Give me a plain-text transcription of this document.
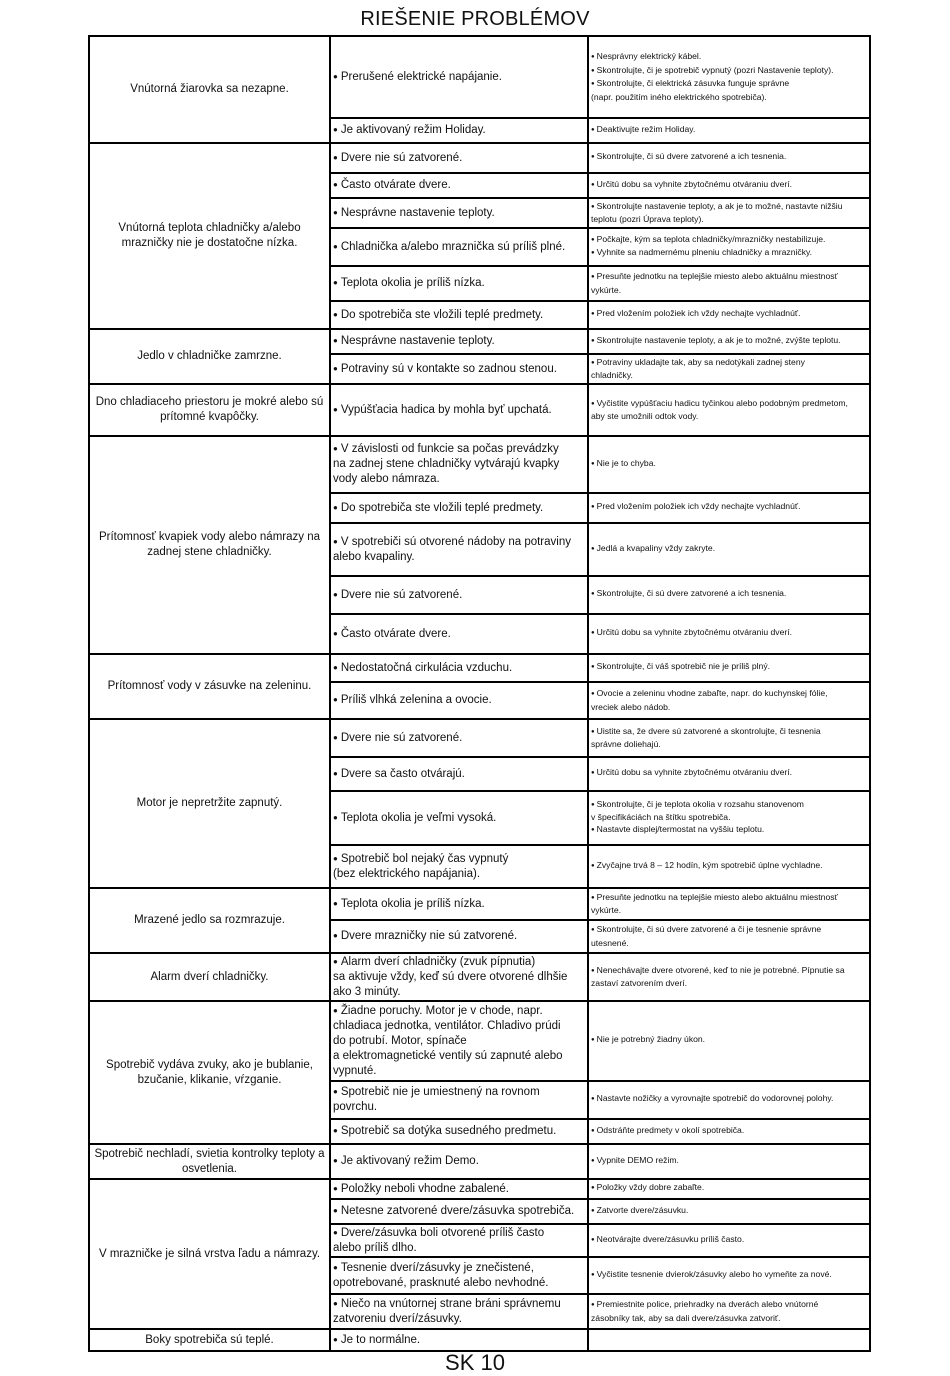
RIEŠENIE PROBLÉMOV
Vnútorná žiarovka sa nezapne.	● Prerušené elektrické napájanie.	● Nesprávny elektrický kábel.
● Skontrolujte, či je spotrebič vypnutý (pozri Nastavenie teploty).
● Skontrolujte, či elektrická zásuvka funguje správne
(napr. použitím iného elektrického spotrebiča).

	● Je aktivovaný režim Holiday.	● Deaktivujte režim Holiday.

Vnútorná teplota chladničky a/alebo mrazničky nie je dostatočne nízka.	● Dvere nie sú zatvorené.	● Skontrolujte, či sú dvere zatvorené a ich tesnenia.

	● Často otvárate dvere.	● Určitú dobu sa vyhnite zbytočnému otváraniu dverí.

	● Nesprávne nastavenie teploty.	● Skontrolujte nastavenie teploty, a ak je to možné, nastavte nižšiu
teplotu (pozri Úprava teploty).

	● Chladnička a/alebo mraznička sú príliš plné.	● Počkajte, kým sa teplota chladničky/mrazničky nestabilizuje.
● Vyhnite sa nadmernému plneniu chladničky a mrazničky.

	● Teplota okolia je príliš nízka.	● Presuňte jednotku na teplejšie miesto alebo aktuálnu miestnosť
vykúrte.

	● Do spotrebiča ste vložili teplé predmety.	● Pred vložením položiek ich vždy nechajte vychladnúť.

Jedlo v chladničke zamrzne.	● Nesprávne nastavenie teploty.	● Skontrolujte nastavenie teploty, a ak je to možné, zvýšte teplotu.

	● Potraviny sú v kontakte so zadnou stenou.	● Potraviny ukladajte tak, aby sa nedotýkali zadnej steny
chladničky.

Dno chladiaceho priestoru je mokré alebo sú prítomné kvapôčky.	● Vypúšťacia hadica by mohla byť upchatá.	● Vyčistite vypúšťaciu hadicu tyčinkou alebo podobným predmetom,
aby ste umožnili odtok vody.

Prítomnosť kvapiek vody alebo námrazy na zadnej stene chladničky.	● V závislosti od funkcie sa počas prevádzky
na zadnej stene chladničky vytvárajú kvapky
vody alebo námraza.	● Nie je to chyba.

	● Do spotrebiča ste vložili teplé predmety.	● Pred vložením položiek ich vždy nechajte vychladnúť.

	● V spotrebiči sú otvorené nádoby na potraviny
alebo kvapaliny.	● Jedlá a kvapaliny vždy zakryte.

	● Dvere nie sú zatvorené.	● Skontrolujte, či sú dvere zatvorené a ich tesnenia.

	● Často otvárate dvere.	● Určitú dobu sa vyhnite zbytočnému otváraniu dverí.

Prítomnosť vody v zásuvke na zeleninu.	● Nedostatočná cirkulácia vzduchu.	● Skontrolujte, či váš spotrebič nie je príliš plný.

	● Príliš vlhká zelenina a ovocie.	● Ovocie a zeleninu vhodne zabaľte, napr. do kuchynskej fólie,
vreciek alebo nádob.

Motor je nepretržite zapnutý.	● Dvere nie sú zatvorené.	● Uistite sa, že dvere sú zatvorené a skontrolujte, či tesnenia
správne doliehajú.

	● Dvere sa často otvárajú.	● Určitú dobu sa vyhnite zbytočnému otváraniu dverí.

	● Teplota okolia je veľmi vysoká.	● Skontrolujte, či je teplota okolia v rozsahu stanovenom
v špecifikáciách na štítku spotrebiča.
● Nastavte displej/termostat na vyššiu teplotu.

	● Spotrebič bol nejaký čas vypnutý
(bez elektrického napájania).	● Zvyčajne trvá 8 – 12 hodín, kým spotrebič úplne vychladne.

Mrazené jedlo sa rozmrazuje.	● Teplota okolia je príliš nízka.	● Presuňte jednotku na teplejšie miesto alebo aktuálnu miestnosť
vykúrte.

	● Dvere mrazničky nie sú zatvorené.	● Skontrolujte, či sú dvere zatvorené a či je tesnenie správne
utesnené.

Alarm dverí chladničky.	● Alarm dverí chladničky (zvuk pípnutia)
sa aktivuje vždy, keď sú dvere otvorené dlhšie
ako 3 minúty.	● Nenechávajte dvere otvorené, keď to nie je potrebné. Pípnutie sa
zastaví zatvorením dverí.

Spotrebič vydáva zvuky, ako je bublanie, bzučanie, klikanie, vŕzganie.	● Žiadne poruchy. Motor je v chode, napr.
chladiaca jednotka, ventilátor. Chladivo prúdi
do potrubí. Motor, spínače
a elektromagnetické ventily sú zapnuté alebo
vypnuté.	● Nie je potrebný žiadny úkon.

	● Spotrebič nie je umiestnený na rovnom
povrchu.	● Nastavte nožičky a vyrovnajte spotrebič do vodorovnej polohy.

	● Spotrebič sa dotýka susedného predmetu.	● Odstráňte predmety v okolí spotrebiča.

Spotrebič nechladí, svietia kontrolky teploty a osvetlenia.	● Je aktivovaný režim Demo.	● Vypnite DEMO režim.

V mrazničke je silná vrstva ľadu a námrazy.	● Položky neboli vhodne zabalené.	● Položky vždy dobre zabaľte.

	● Netesne zatvorené dvere/zásuvka spotrebiča.	● Zatvorte dvere/zásuvku.

	● Dvere/zásuvka boli otvorené príliš často
alebo príliš dlho.	● Neotvárajte dvere/zásuvku príliš často.

	● Tesnenie dverí/zásuvky je znečistené,
opotrebované, prasknuté alebo nevhodné.	● Vyčistite tesnenie dvierok/zásuvky alebo ho vymeňte za nové.

	● Niečo na vnútornej strane bráni správnemu
zatvoreniu dverí/zásuvky.	● Premiestnite police, priehradky na dverách alebo vnútorné
zásobníky tak, aby sa dali dvere/zásuvka zatvoriť.

Boky spotrebiča sú teplé.	● Je to normálne.

SK 10
